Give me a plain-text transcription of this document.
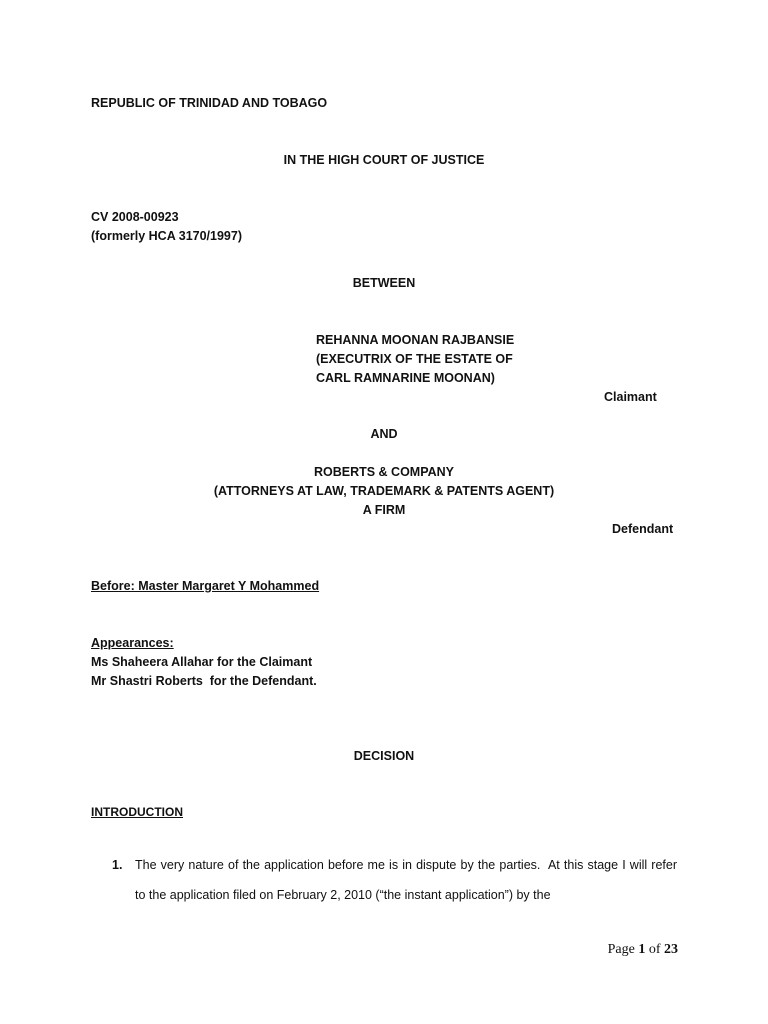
REPUBLIC OF TRINIDAD AND TOBAGO
IN THE HIGH COURT OF JUSTICE
CV 2008-00923
(formerly HCA 3170/1997)
BETWEEN
REHANNA MOONAN RAJBANSIE
(EXECUTRIX OF THE ESTATE OF
CARL RAMNARINE MOONAN)
Claimant
AND
ROBERTS & COMPANY
(ATTORNEYS AT LAW, TRADEMARK & PATENTS AGENT)
A FIRM
Defendant
Before: Master Margaret Y Mohammed
Appearances:
Ms Shaheera Allahar for the Claimant
Mr Shastri Roberts  for the Defendant.
DECISION
INTRODUCTION
1. The very nature of the application before me is in dispute by the parties.  At this stage I will refer to the application filed on February 2, 2010 (“the instant application”) by the
Page 1 of 23
